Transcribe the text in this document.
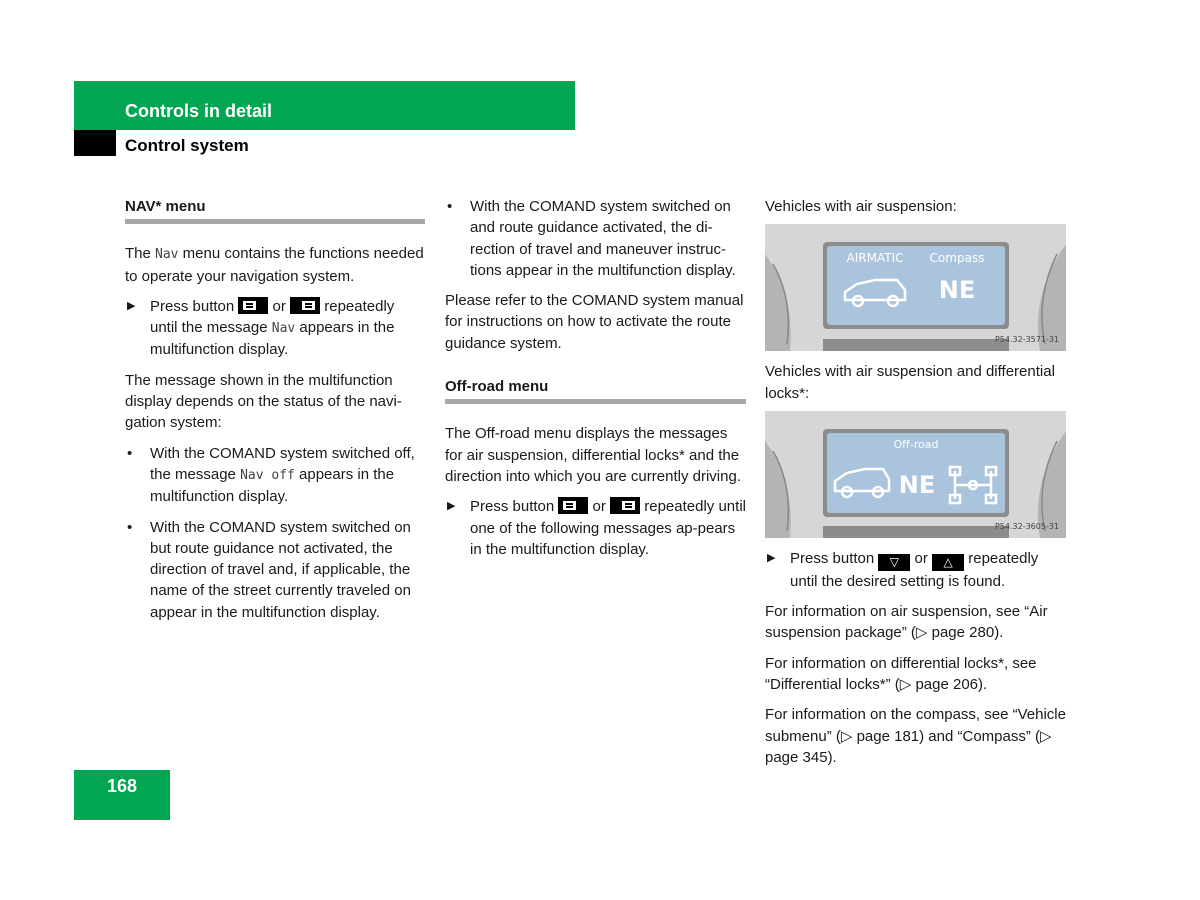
Controls in detail
Control system
NAV* menu

The Nav menu contains the functions needed to operate your navigation system.

▶ Press button
or
repeatedly until the message Nav appears in the multifunction display.

The message shown in the multifunction display depends on the status of the navi-gation system:

• With the COMAND system switched off, the message Nav off appears in the multifunction display.
• With the COMAND system switched on but route guidance not activated, the direction of travel and, if applicable, the name of the street currently traveled on appear in the multifunction display.
• With the COMAND system switched on and route guidance activated, the di-rection of travel and maneuver instruc-tions appear in the multifunction display.

Please refer to the COMAND system manual for instructions on how to activate the route guidance system.

Off-road menu

The Off-road menu displays the messages for air suspension, differential locks* and the direction into which you are currently driving.

▶ Press button
or
repeatedly until one of the following messages ap-pears in the multifunction display.

Vehicles with air suspension:

AIRMATIC Compass
NE
P54.32-3571-31

Vehicles with air suspension and differential locks*:

Off-road
NE
P54.32-3605-31
▶ Press button ▽ or △ repeatedly until the desired setting is found.

For information on air suspension, see “Air suspension package” (▷ page 280).

For information on differential locks*, see “Differential locks*” (▷ page 206).

For information on the compass, see “Vehicle submenu” (▷ page 181) and “Compass” (▷ page 345).

168
